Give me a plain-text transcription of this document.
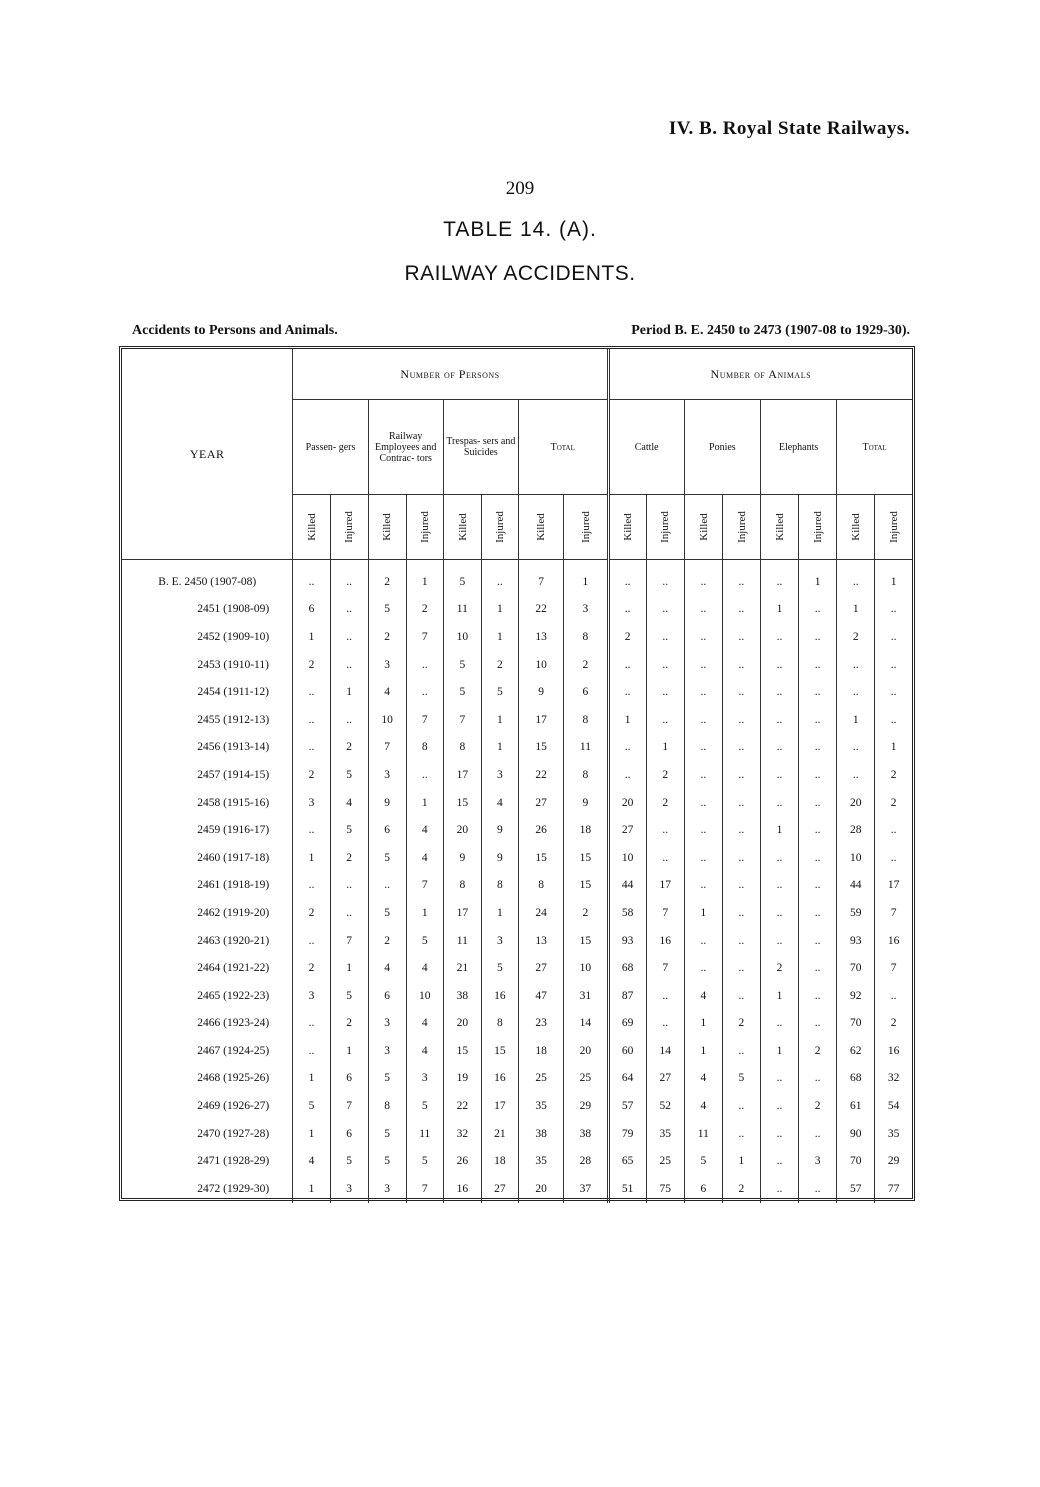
IV. B. Royal State Railways.
209
TABLE 14. (A).
RAILWAY ACCIDENTS.
Accidents to Persons and Animals.	Period B. E. 2450 to 2473 (1907-08 to 1929-30).
YEAR	Number of Persons								Number of Animals							
	Passen- gers		Railway Employees and Contrac- tors		Trespas- sers and Suicides		Total		Cattle		Ponies		Elephants		Total	
	Killed	Injured	Killed	Injured	Killed	Injured	Killed	Injured	Killed	Injured	Killed	Injured	Killed	Injured	Killed	Injured

B. E. 2450 (1907-08)	..	..	2	1	5	..	7	1	..	..	..	..	..	1	..	1
2451 (1908-09)	6	..	5	2	11	1	22	3	..	..	..	..	1	..	1	..
2452 (1909-10)	1	..	2	7	10	1	13	8	2	..	..	..	..	..	2	..
2453 (1910-11)	2	..	3	..	5	2	10	2	..	..	..	..	..	..	..	..
2454 (1911-12)	..	1	4	..	5	5	9	6	..	..	..	..	..	..	..	..
2455 (1912-13)	..	..	10	7	7	1	17	8	1	..	..	..	..	..	1	..
2456 (1913-14)	..	2	7	8	8	1	15	11	..	1	..	..	..	..	..	1
2457 (1914-15)	2	5	3	..	17	3	22	8	..	2	..	..	..	..	..	2
2458 (1915-16)	3	4	9	1	15	4	27	9	20	2	..	..	..	..	20	2
2459 (1916-17)	..	5	6	4	20	9	26	18	27	..	..	..	1	..	28	..
2460 (1917-18)	1	2	5	4	9	9	15	15	10	..	..	..	..	..	10	..
2461 (1918-19)	..	..	..	7	8	8	8	15	44	17	..	..	..	..	44	17
2462 (1919-20)	2	..	5	1	17	1	24	2	58	7	1	..	..	..	59	7
2463 (1920-21)	..	7	2	5	11	3	13	15	93	16	..	..	..	..	93	16
2464 (1921-22)	2	1	4	4	21	5	27	10	68	7	..	..	2	..	70	7
2465 (1922-23)	3	5	6	10	38	16	47	31	87	..	4	..	1	..	92	..
2466 (1923-24)	..	2	3	4	20	8	23	14	69	..	1	2	..	..	70	2
2467 (1924-25)	..	1	3	4	15	15	18	20	60	14	1	..	1	2	62	16
2468 (1925-26)	1	6	5	3	19	16	25	25	64	27	4	5	..	..	68	32
2469 (1926-27)	5	7	8	5	22	17	35	29	57	52	4	..	..	2	61	54
2470 (1927-28)	1	6	5	11	32	21	38	38	79	35	11	..	..	..	90	35
2471 (1928-29)	4	5	5	5	26	18	35	28	65	25	5	1	..	3	70	29
2472 (1929-30)	1	3	3	7	16	27	20	37	51	75	6	2	..	..	57	77
